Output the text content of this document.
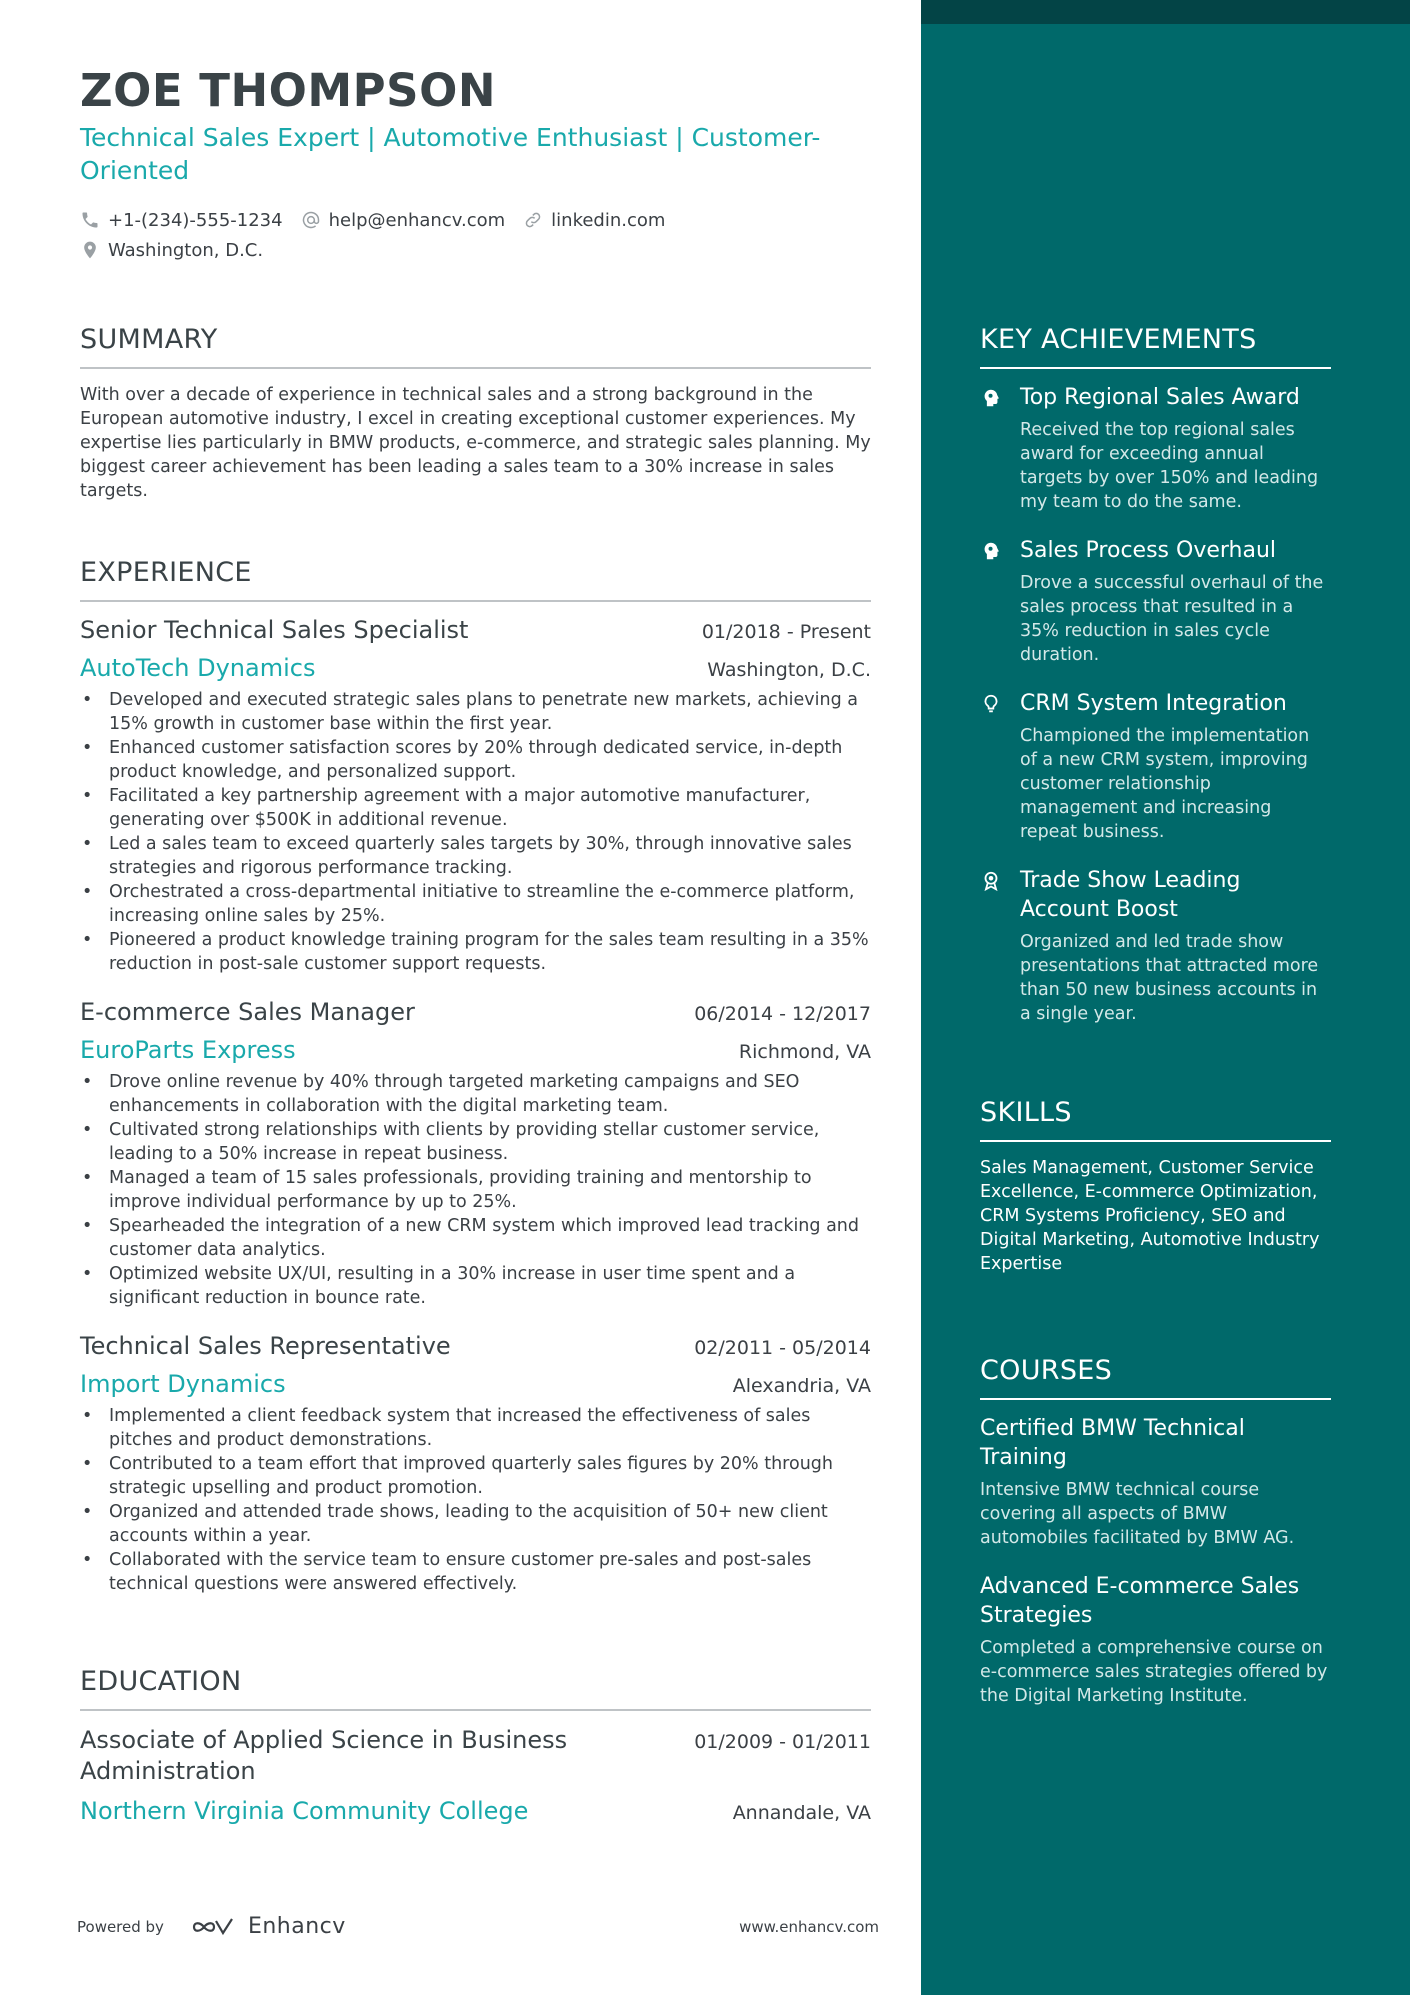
ZOE THOMPSON
Technical Sales Expert | Automotive Enthusiast | Customer-Oriented
+1-(234)-555-1234	help@enhancv.com	linkedin.com
Washington, D.C.
SUMMARY
With over a decade of experience in technical sales and a strong background in the European automotive industry, I excel in creating exceptional customer experiences. My expertise lies particularly in BMW products, e-commerce, and strategic sales planning. My biggest career achievement has been leading a sales team to a 30% increase in sales targets.
EXPERIENCE
Senior Technical Sales Specialist	01/2018 - Present
AutoTech Dynamics	Washington, D.C.
• Developed and executed strategic sales plans to penetrate new markets, achieving a 15% growth in customer base within the first year.
• Enhanced customer satisfaction scores by 20% through dedicated service, in-depth product knowledge, and personalized support.
• Facilitated a key partnership agreement with a major automotive manufacturer, generating over $500K in additional revenue.
• Led a sales team to exceed quarterly sales targets by 30%, through innovative sales strategies and rigorous performance tracking.
• Orchestrated a cross-departmental initiative to streamline the e-commerce platform, increasing online sales by 25%.
• Pioneered a product knowledge training program for the sales team resulting in a 35% reduction in post-sale customer support requests.
E-commerce Sales Manager	06/2014 - 12/2017
EuroParts Express	Richmond, VA
• Drove online revenue by 40% through targeted marketing campaigns and SEO enhancements in collaboration with the digital marketing team.
• Cultivated strong relationships with clients by providing stellar customer service, leading to a 50% increase in repeat business.
• Managed a team of 15 sales professionals, providing training and mentorship to improve individual performance by up to 25%.
• Spearheaded the integration of a new CRM system which improved lead tracking and customer data analytics.
• Optimized website UX/UI, resulting in a 30% increase in user time spent and a significant reduction in bounce rate.
Technical Sales Representative	02/2011 - 05/2014
Import Dynamics	Alexandria, VA
• Implemented a client feedback system that increased the effectiveness of sales pitches and product demonstrations.
• Contributed to a team effort that improved quarterly sales figures by 20% through strategic upselling and product promotion.
• Organized and attended trade shows, leading to the acquisition of 50+ new client accounts within a year.
• Collaborated with the service team to ensure customer pre-sales and post-sales technical questions were answered effectively.
EDUCATION
Associate of Applied Science in Business Administration
01/2009 - 01/2011
Northern Virginia Community College	Annandale, VA
Powered by	Enhancv	www.enhancv.com
KEY ACHIEVEMENTS
Top Regional Sales Award
Received the top regional sales award for exceeding annual targets by over 150% and leading my team to do the same.
Sales Process Overhaul
Drove a successful overhaul of the sales process that resulted in a 35% reduction in sales cycle duration.
CRM System Integration
Championed the implementation of a new CRM system, improving customer relationship management and increasing repeat business.
Trade Show Leading Account Boost
Organized and led trade show presentations that attracted more than 50 new business accounts in a single year.
SKILLS
Sales Management, Customer Service Excellence, E-commerce Optimization, CRM Systems Proficiency, SEO and Digital Marketing, Automotive Industry Expertise
COURSES
Certified BMW Technical Training
Intensive BMW technical course covering all aspects of BMW automobiles facilitated by BMW AG.
Advanced E-commerce Sales Strategies
Completed a comprehensive course on e-commerce sales strategies offered by the Digital Marketing Institute.
